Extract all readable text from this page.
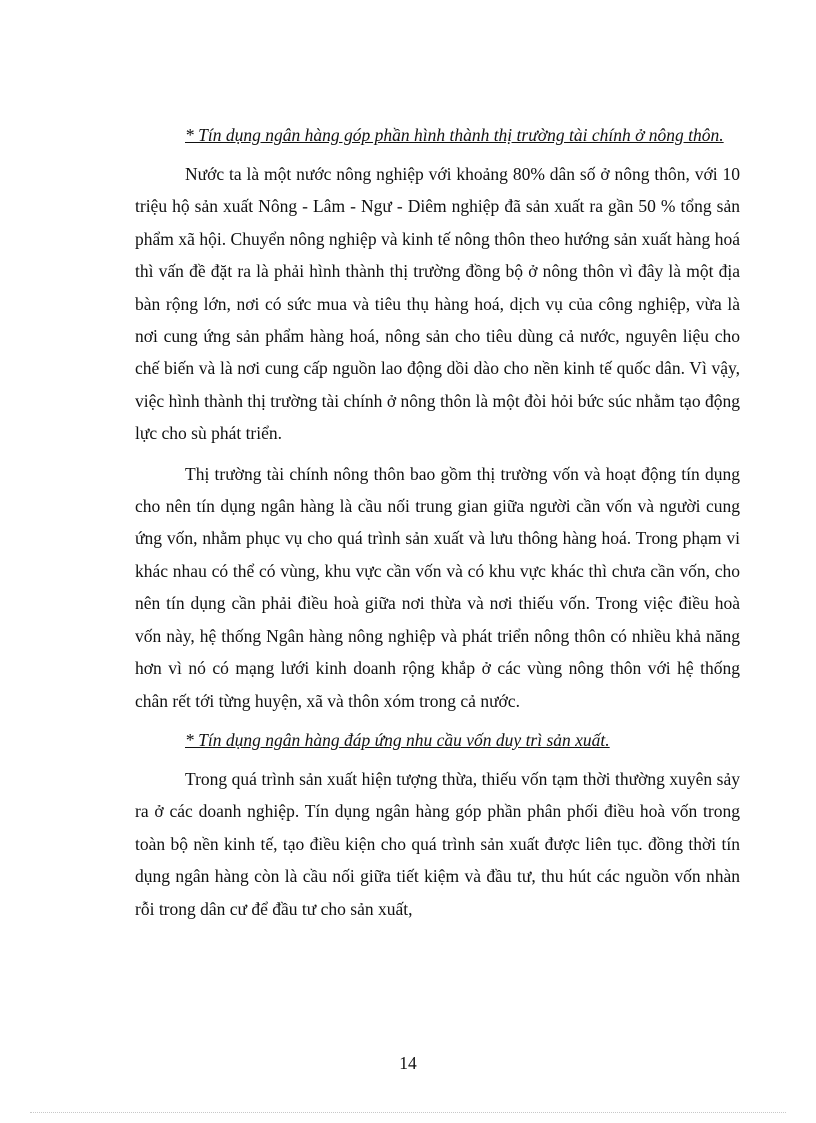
* Tín dụng ngân hàng góp phần hình thành thị trường tài chính ở nông thôn.

Nước ta là một nước nông nghiệp với khoảng 80% dân số ở nông thôn, với 10 triệu hộ sản xuất Nông - Lâm - Ngư - Diêm nghiệp đã sản xuất ra gần 50 % tổng sản phẩm xã hội. Chuyển nông nghiệp và kinh tế nông thôn theo hướng sản xuất hàng hoá thì vấn đề đặt ra là phải hình thành thị trường đồng bộ ở nông thôn vì đây là một địa bàn rộng lớn, nơi có sức mua và tiêu thụ hàng hoá, dịch vụ của công nghiệp, vừa là nơi cung ứng sản phẩm hàng hoá, nông sản cho tiêu dùng cả nước, nguyên liệu cho chế biến và là nơi cung cấp nguồn lao động dồi dào cho nền kinh tế quốc dân. Vì vậy, việc hình thành thị trường tài chính ở nông thôn là một đòi hỏi bức súc nhằm tạo động lực cho sù phát triển.

Thị trường tài chính nông thôn bao gồm thị trường vốn và hoạt động tín dụng cho nên tín dụng ngân hàng là cầu nối trung gian giữa người cần vốn và người cung ứng vốn, nhằm phục vụ cho quá trình sản xuất và lưu thông hàng hoá. Trong phạm vi khác nhau có thể có vùng, khu vực cần vốn và có khu vực khác thì chưa cần vốn, cho nên tín dụng cần phải điều hoà giữa nơi thừa và nơi thiếu vốn. Trong việc điều hoà vốn này, hệ thống Ngân hàng nông nghiệp và phát triển nông thôn có nhiều khả năng hơn vì nó có mạng lưới kinh doanh rộng khắp ở các vùng nông thôn với hệ thống chân rết tới từng huyện, xã và thôn xóm trong cả nước.

* Tín dụng ngân hàng đáp ứng nhu cầu vốn duy trì sản xuất.

Trong quá trình sản xuất hiện tượng thừa, thiếu vốn tạm thời thường xuyên sảy ra ở các doanh nghiệp. Tín dụng ngân hàng góp phần phân phối điều hoà vốn trong toàn bộ nền kinh tế, tạo điều kiện cho quá trình sản xuất được liên tục. đồng thời tín dụng ngân hàng còn là cầu nối giữa tiết kiệm và đầu tư, thu hút các nguồn vốn nhàn rỗi trong dân cư để đầu tư cho sản xuất,

14
